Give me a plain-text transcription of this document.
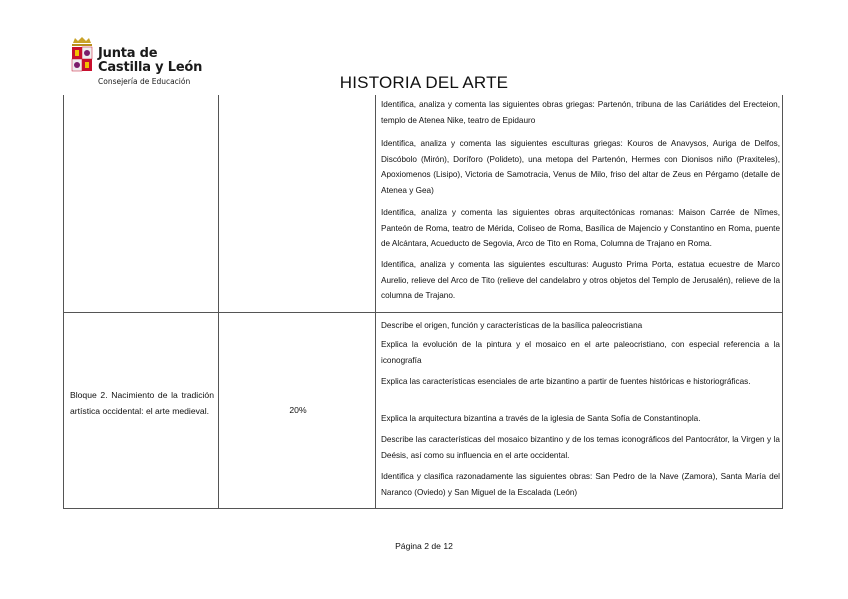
Junta de
Castilla y León
Consejería de Educación	HISTORIA DEL ARTE
Identifica, analiza y comenta las siguientes obras griegas: Partenón, tribuna de las Cariátides del Erecteion, templo de Atenea Nike, teatro de Epidauro
Identifica, analiza y comenta las siguientes esculturas griegas: Kouros de Anavysos, Auriga de Delfos, Discóbolo (Mirón), Doríforo (Polideto), una metopa del Partenón, Hermes con Dionisos niño (Praxiteles), Apoxiomenos (Lisipo), Victoria de Samotracia, Venus de Milo, friso del altar de Zeus en Pérgamo (detalle de Atenea y Gea)
Identifica, analiza y comenta las siguientes obras arquitectónicas romanas: Maison Carrée de Nîmes, Panteón de Roma, teatro de Mérida, Coliseo de Roma, Basílica de Majencio y Constantino en Roma, puente de Alcántara, Acueducto de Segovia, Arco de Tito en Roma, Columna de Trajano en Roma.
Identifica, analiza y comenta las siguientes esculturas: Augusto Prima Porta, estatua ecuestre de Marco Aurelio, relieve del Arco de Tito (relieve del candelabro y otros objetos del Templo de Jerusalén), relieve de la columna de Trajano.
Bloque 2. Nacimiento de la tradición artística occidental: el arte medieval.	20%
Describe el origen, función y características de la basílica paleocristiana
Explica la evolución de la pintura y el mosaico en el arte paleocristiano, con especial referencia a la iconografía
Explica las características esenciales de arte bizantino a partir de fuentes históricas e historiográficas.
Explica la arquitectura bizantina a través de la iglesia de Santa Sofía de Constantinopla.
Describe las características del mosaico bizantino y de los temas iconográficos del Pantocrátor, la Virgen y la Deésis, así como su influencia en el arte occidental.
Identifica y clasifica razonadamente las siguientes obras: San Pedro de la Nave (Zamora), Santa María del Naranco (Oviedo) y San Miguel de la Escalada (León)
Página 2 de 12
